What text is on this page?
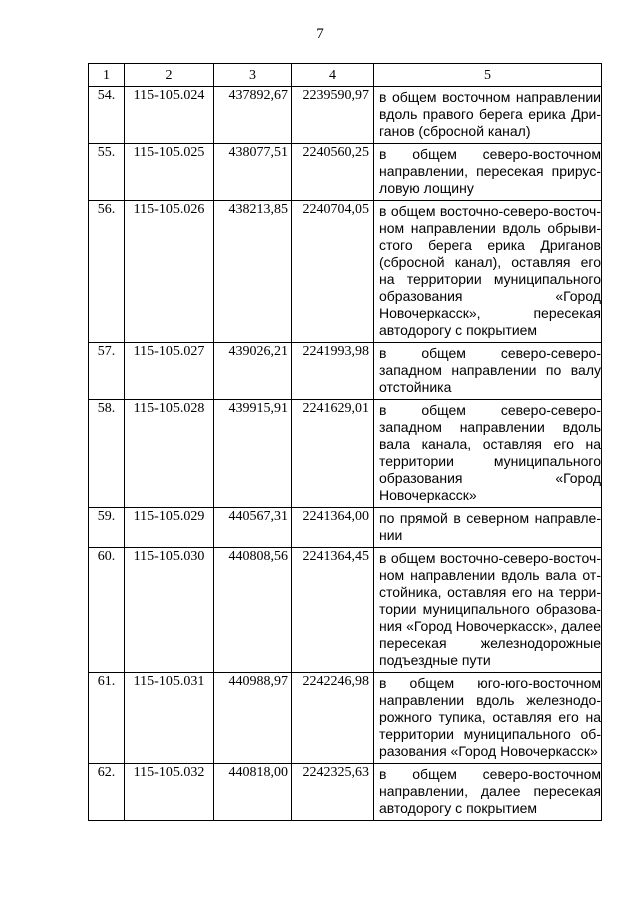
7
1	2	3	4	5
54.	115-105.024	437892,67	2239590,97	в общем восточном направлении вдоль правого берега ерика Дриганов (сбросной канал)

55.	115-105.025	438077,51	2240560,25	в общем северо-восточном направлении, пересекая прирусловую лощину

56.	115-105.026	438213,85	2240704,05	в общем восточно-северо-восточном направлении вдоль обрывистого берега ерика Дриганов (сбросной канал), оставляя его на территории муниципального образования «Город Новочеркасск», пересекая автодорогу с покрытием

57.	115-105.027	439026,21	2241993,98	в общем северо-северо-западном направлении по валу отстойника

58.	115-105.028	439915,91	2241629,01	в общем северо-северо-западном направлении вдоль вала канала, оставляя его на территории муниципального образования «Город Новочеркасск»

59.	115-105.029	440567,31	2241364,00	по прямой в северном направлении

60.	115-105.030	440808,56	2241364,45	в общем восточно-северо-восточном направлении вдоль вала отстойника, оставляя его на территории муниципального образования «Город Новочеркасск», далее пересекая железнодорожные подъездные пути

61.	115-105.031	440988,97	2242246,98	в общем юго-юго-восточном направлении вдоль железнодорожного тупика, оставляя его на территории муниципального образования «Город Новочеркасск»

62.	115-105.032	440818,00	2242325,63	в общем северо-восточном направлении, далее пересекая автодорогу с покрытием
